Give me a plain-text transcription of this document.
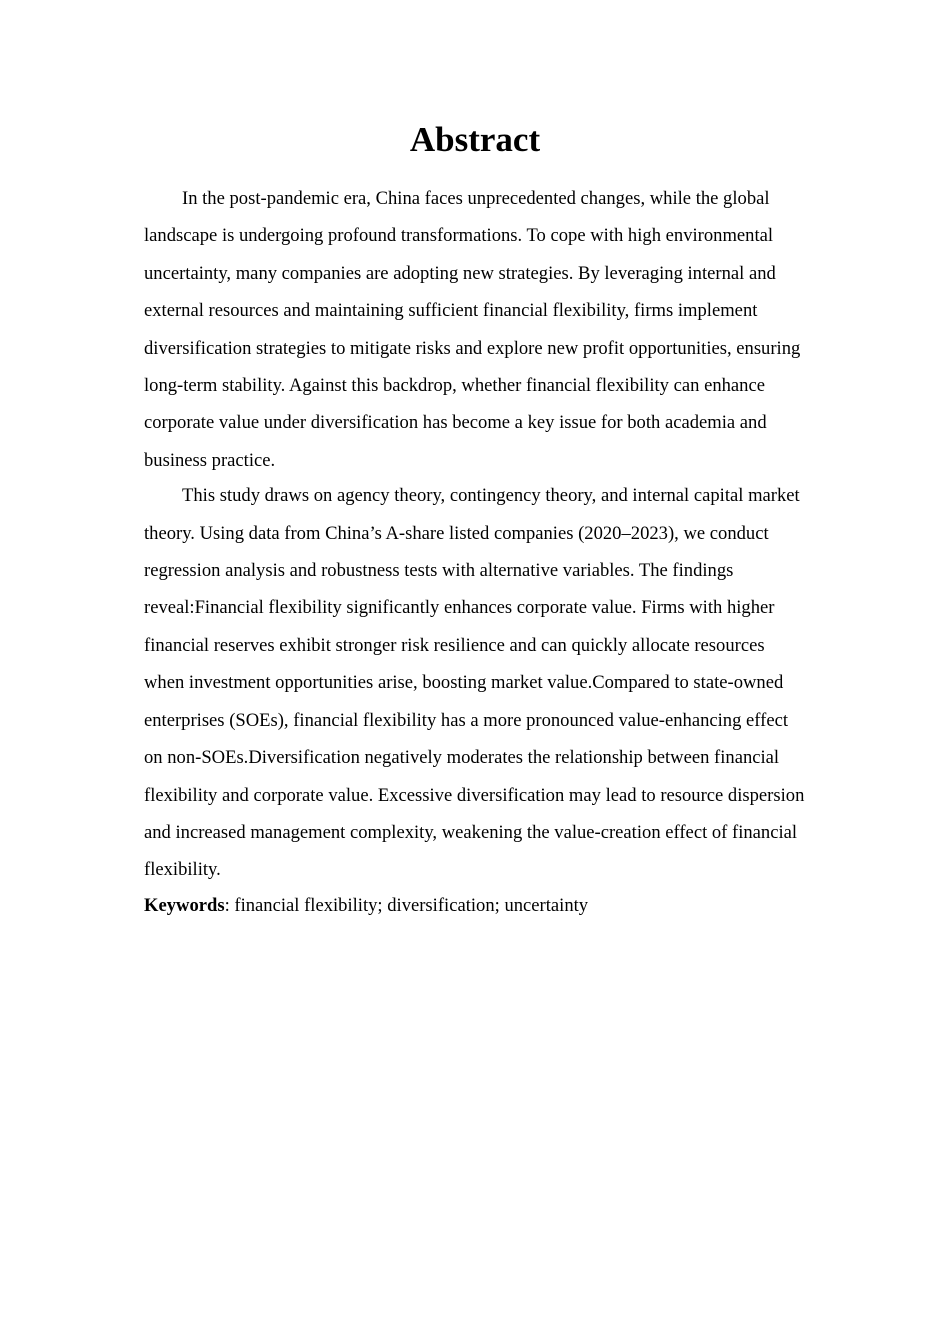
Abstract

In the post-pandemic era, China faces unprecedented changes, while the global landscape is undergoing profound transformations. To cope with high environmental uncertainty, many companies are adopting new strategies. By leveraging internal and external resources and maintaining sufficient financial flexibility, firms implement diversification strategies to mitigate risks and explore new profit opportunities, ensuring long-term stability. Against this backdrop, whether financial flexibility can enhance corporate value under diversification has become a key issue for both academia and business practice.

This study draws on agency theory, contingency theory, and internal capital market theory. Using data from China’s A-share listed companies (2020–2023), we conduct regression analysis and robustness tests with alternative variables. The findings reveal:Financial flexibility significantly enhances corporate value. Firms with higher financial reserves exhibit stronger risk resilience and can quickly allocate resources when investment opportunities arise, boosting market value.Compared to state-owned enterprises (SOEs), financial flexibility has a more pronounced value-enhancing effect on non-SOEs.Diversification negatively moderates the relationship between financial flexibility and corporate value. Excessive diversification may lead to resource dispersion and increased management complexity, weakening the value-creation effect of financial flexibility.

Keywords: financial flexibility; diversification; uncertainty
